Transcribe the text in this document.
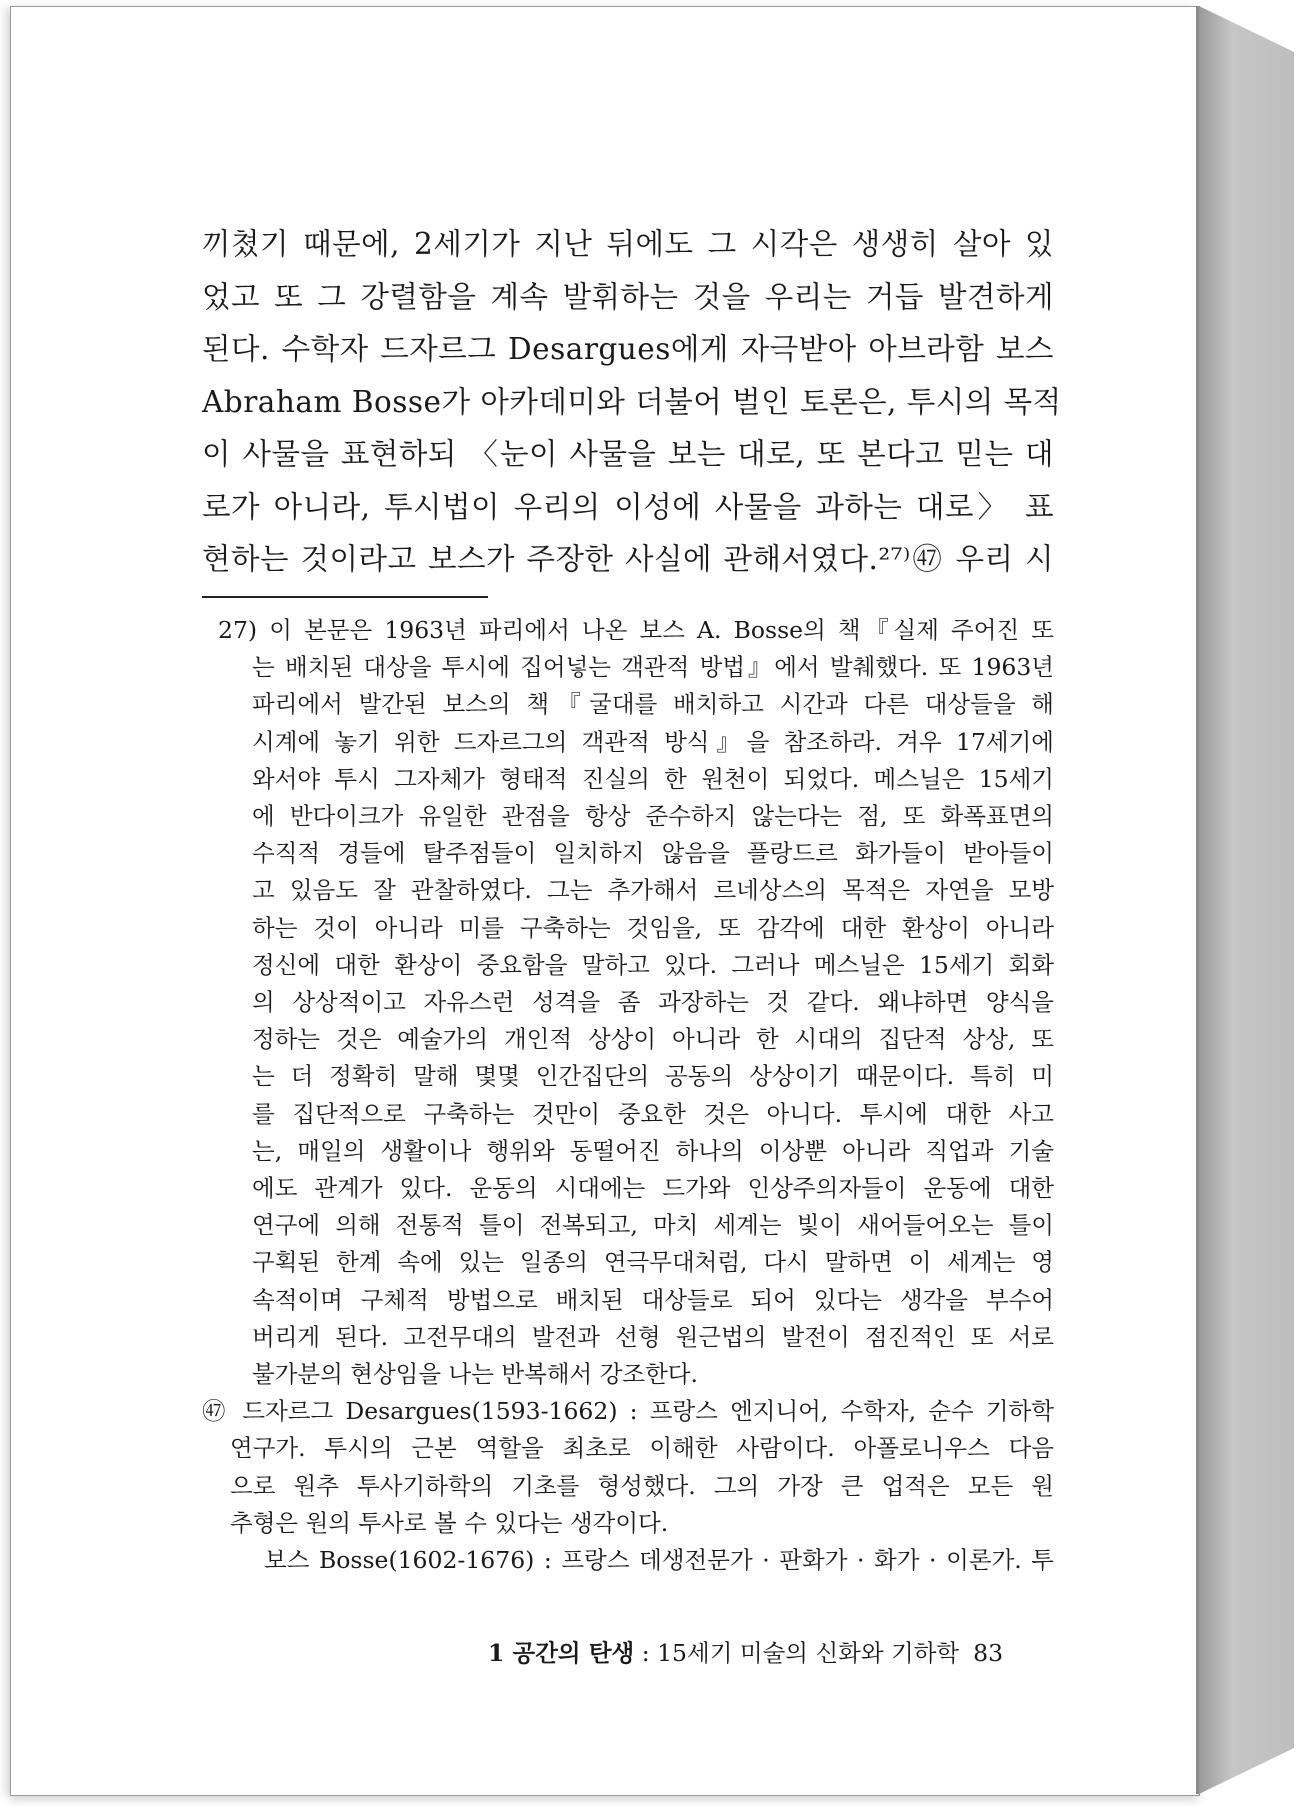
끼쳤기 때문에, 2세기가 지난 뒤에도 그 시각은 생생히 살아 있
었고 또 그 강렬함을 계속 발휘하는 것을 우리는 거듭 발견하게
된다. 수학자 드자르그 Desargues에게 자극받아 아브라함 보스
Abraham Bosse가 아카데미와 더불어 벌인 토론은, 투시의 목적
이 사물을 표현하되 〈눈이 사물을 보는 대로, 또 본다고 믿는 대
로가 아니라, 투시법이 우리의 이성에 사물을 과하는 대로〉 표
현하는 것이라고 보스가 주장한 사실에 관해서였다.²⁷⁾㊼ 우리 시
27) 이 본문은 1963년 파리에서 나온 보스 A. Bosse의 책『실제 주어진 또
는 배치된 대상을 투시에 집어넣는 객관적 방법』에서 발췌했다. 또 1963년
파리에서 발간된 보스의 책『굴대를 배치하고 시간과 다른 대상들을 해
시계에 놓기 위한 드자르그의 객관적 방식』을 참조하라. 겨우 17세기에
와서야 투시 그자체가 형태적 진실의 한 원천이 되었다. 메스닐은 15세기
에 반다이크가 유일한 관점을 항상 준수하지 않는다는 점, 또 화폭표면의
수직적 경들에 탈주점들이 일치하지 않음을 플랑드르 화가들이 받아들이
고 있음도 잘 관찰하였다. 그는 추가해서 르네상스의 목적은 자연을 모방
하는 것이 아니라 미를 구축하는 것임을, 또 감각에 대한 환상이 아니라
정신에 대한 환상이 중요함을 말하고 있다. 그러나 메스닐은 15세기 회화
의 상상적이고 자유스런 성격을 좀 과장하는 것 같다. 왜냐하면 양식을
정하는 것은 예술가의 개인적 상상이 아니라 한 시대의 집단적 상상, 또
는 더 정확히 말해 몇몇 인간집단의 공동의 상상이기 때문이다. 특히 미
를 집단적으로 구축하는 것만이 중요한 것은 아니다. 투시에 대한 사고
는, 매일의 생활이나 행위와 동떨어진 하나의 이상뿐 아니라 직업과 기술
에도 관계가 있다. 운동의 시대에는 드가와 인상주의자들이 운동에 대한
연구에 의해 전통적 틀이 전복되고, 마치 세계는 빛이 새어들어오는 틀이
구획된 한계 속에 있는 일종의 연극무대처럼, 다시 말하면 이 세계는 영
속적이며 구체적 방법으로 배치된 대상들로 되어 있다는 생각을 부수어
버리게 된다. 고전무대의 발전과 선형 원근법의 발전이 점진적인 또 서로
불가분의 현상임을 나는 반복해서 강조한다.
㊼ 드자르그 Desargues(1593-1662) : 프랑스 엔지니어, 수학자, 순수 기하학
연구가. 투시의 근본 역할을 최초로 이해한 사람이다. 아폴로니우스 다음
으로 원추 투사기하학의 기초를 형성했다. 그의 가장 큰 업적은 모든 원
추형은 원의 투사로 볼 수 있다는 생각이다.
보스 Bosse(1602-1676) : 프랑스 데생전문가 · 판화가 · 화가 · 이론가. 투
1 공간의 탄생 : 15세기 미술의 신화와 기하학 83
